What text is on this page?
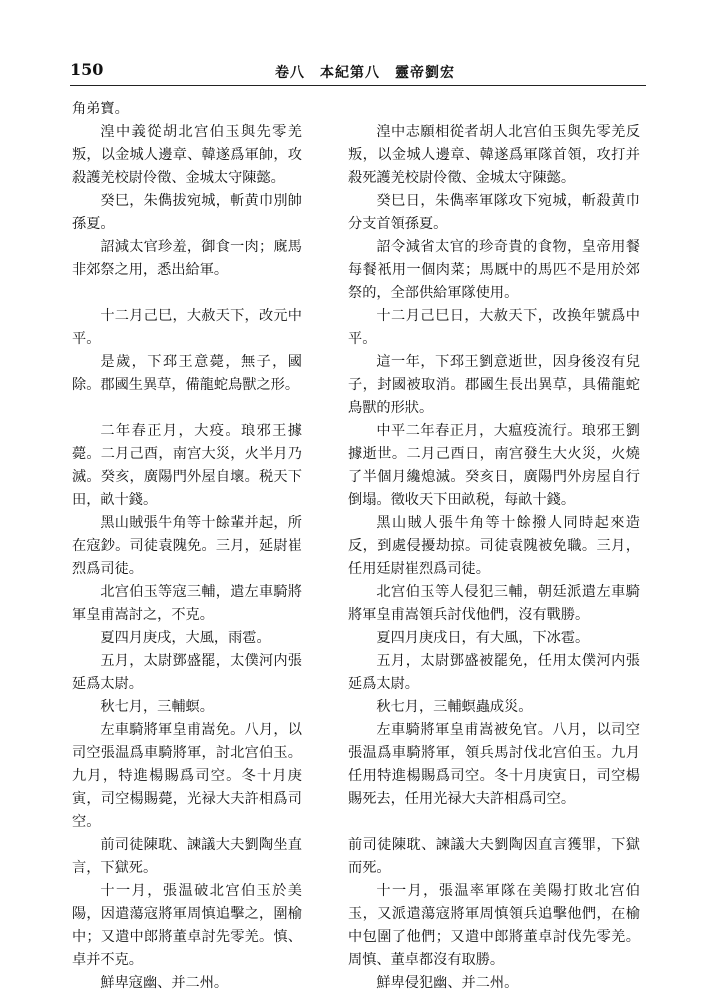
150	卷八　本紀第八　靈帝劉宏

角弟寶。

湟中義從胡北宫伯玉與先零羌叛，以金城人邊章、韓遂爲軍帥，攻殺護羌校尉伶徵、金城太守陳懿。

癸巳，朱儁拔宛城，斬黄巾別帥孫夏。

詔減太官珍羞，御食一肉；廐馬非郊祭之用，悉出給軍。

十二月己巳，大赦天下，改元中平。

是歲，下邳王意薨，無子，國除。郡國生異草，備龍蛇鳥獸之形。

二年春正月，大疫。琅邪王據薨。二月己酉，南宫大災，火半月乃滅。癸亥，廣陽門外屋自壞。税天下田，畝十錢。

黑山賊張牛角等十餘輩并起，所在寇鈔。司徒袁隗免。三月，延尉崔烈爲司徒。

北宫伯玉等寇三輔，遣左車騎將軍皇甫嵩討之，不克。

夏四月庚戌，大風，雨雹。

五月，太尉鄧盛罷，太僕河内張延爲太尉。

秋七月，三輔螟。

左車騎將軍皇甫嵩免。八月，以司空張温爲車騎將軍，討北宫伯玉。九月，特進楊賜爲司空。冬十月庚寅，司空楊賜薨，光禄大夫許相爲司空。

前司徒陳耽、諫議大夫劉陶坐直言，下獄死。

十一月，張温破北宫伯玉於美陽，因遣蕩寇將軍周慎追擊之，圍榆中；又遣中郎將董卓討先零羌。慎、卓并不克。

鮮卑寇幽、并二州。

湟中志願相從者胡人北宫伯玉與先零羌反叛，以金城人邊章、韓遂爲軍隊首領，攻打并殺死護羌校尉伶徵、金城太守陳懿。

癸巳日，朱儁率軍隊攻下宛城，斬殺黄巾分支首領孫夏。

詔令減省太官的珍奇貴的食物，皇帝用餐每餐衹用一個肉菜；馬厩中的馬匹不是用於郊祭的，全部供給軍隊使用。

十二月己巳日，大赦天下，改换年號爲中平。

這一年，下邳王劉意逝世，因身後沒有兒子，封國被取消。郡國生長出異草，具備龍蛇鳥獸的形狀。

中平二年春正月，大瘟疫流行。琅邪王劉據逝世。二月己酉日，南宫發生大火災，火燒了半個月纔熄滅。癸亥日，廣陽門外房屋自行倒塌。徵收天下田畝税，每畝十錢。

黑山賊人張牛角等十餘撥人同時起來造反，到處侵擾劫掠。司徒袁隗被免職。三月，任用廷尉崔烈爲司徒。

北宫伯玉等人侵犯三輔，朝廷派遣左車騎將軍皇甫嵩領兵討伐他們，沒有戰勝。

夏四月庚戌日，有大風，下冰雹。

五月，太尉鄧盛被罷免，任用太僕河内張延爲太尉。

秋七月，三輔螟蟲成災。

左車騎將軍皇甫嵩被免官。八月，以司空張温爲車騎將軍，領兵馬討伐北宫伯玉。九月任用特進楊賜爲司空。冬十月庚寅日，司空楊賜死去，任用光禄大夫許相爲司空。

前司徒陳耽、諫議大夫劉陶因直言獲罪，下獄而死。

十一月，張温率軍隊在美陽打敗北宫伯玉，又派遣蕩寇將軍周慎領兵追擊他們，在榆中包圍了他們；又遣中郎將董卓討伐先零羌。周慎、董卓都沒有取勝。

鮮卑侵犯幽、并二州。
